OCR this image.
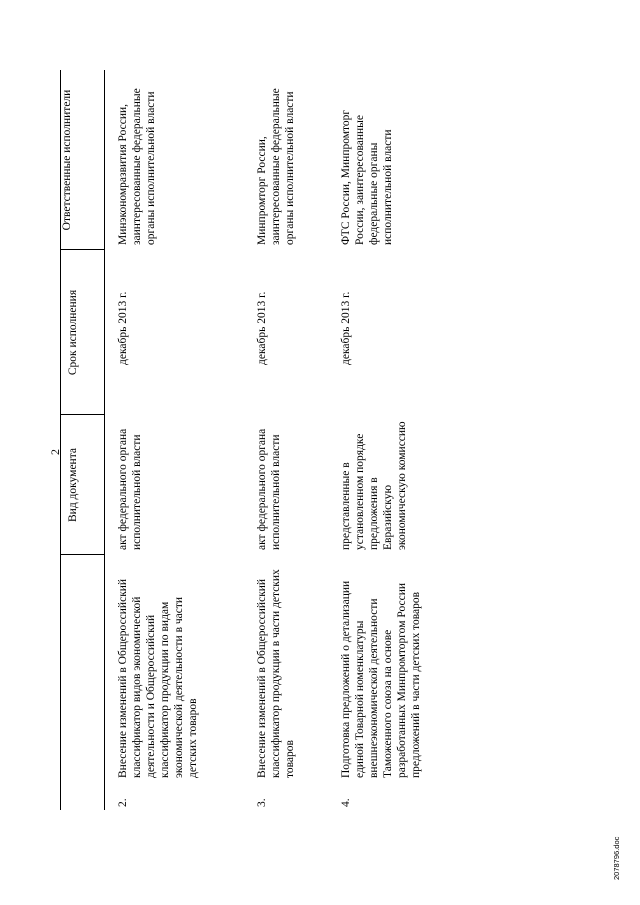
2 Вид документа
Срок исполнения
Ответственные исполнители
2.
Внесение изменений в Общероссийский классификатор видов экономической деятельности и Общероссийский классификатор продукции по видам экономической деятельности в части детских товаров
акт федерального органа исполнительной власти
декабрь 2013 г.
Минэкономразвития России, заинтересованные федеральные органы исполнительной власти
3.
Внесение изменений в Общероссийский классификатор продукции в части детских товаров
акт федерального органа исполнительной власти
декабрь 2013 г.
Минпромторг России, заинтересованные федеральные органы исполнительной власти
4.
Подготовка предложений о детализации единой Товарной номенклатуры внешнеэкономической деятельности Таможенного союза на основе разработанных Минпромторгом России предложений в части детских товаров
представленные в установленном порядке предложения в Евразийскую экономическую комиссию
декабрь 2013 г.
ФТС России, Минпромторг России, заинтересованные федеральные органы исполнительной власти
2078796.doc
